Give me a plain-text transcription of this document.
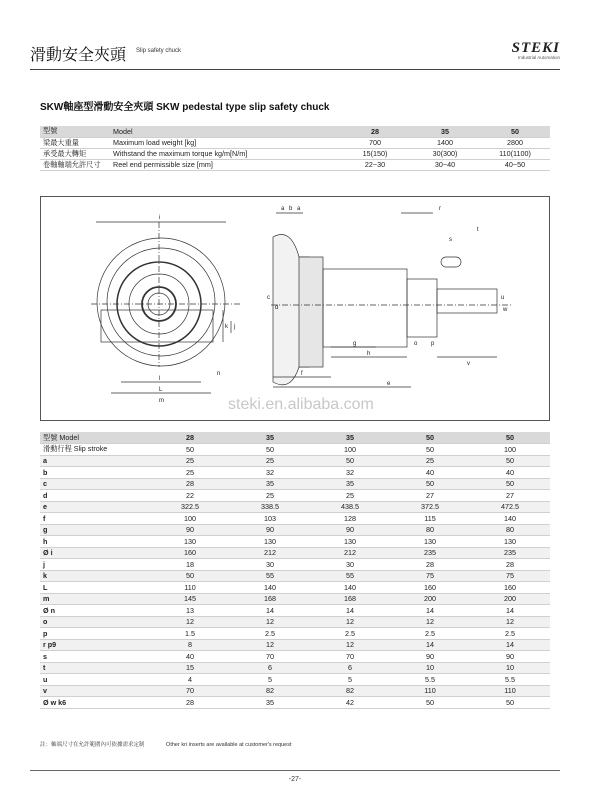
滑動安全夾頭 Slip safety chuck	STEKI
Industrial Automation
SKW軸座型滑動安全夾頭 SKW pedestal type slip safety chuck
型號	Model	28	35	50
梁最大重量	Maximum load weight [kg]	700	1400	2800
承受最大轉矩	Withstand the maximum torque kg/m[N/m]	15(150)	30(300)	110(1100)
卷軸軸端允許尺寸	Reel end permissible size [mm]	22~30	30~40	40~50
i
l
L
m
n
j
k
a b a
c
d
f
g
h
e
o p
s
t
u
v
w
r
steki.en.alibaba.com
型號 Model	28	35	35	50	50
滑動行程 Slip stroke	50	50	100	50	100
a	25	25	50	25	50
b	25	32	32	40	40
c	28	35	35	50	50
d	22	25	25	27	27
e	322.5	338.5	438.5	372.5	472.5
f	100	103	128	115	140
g	90	90	90	80	80
h	130	130	130	130	130
Ø i	160	212	212	235	235
j	18	30	30	28	28
k	50	55	55	75	75
L	110	140	140	160	160
m	145	168	168	200	200
Ø n	13	14	14	14	14
o	12	12	12	12	12
p	1.5	2.5	2.5	2.5	2.5
r p9	8	12	12	14	14
s	40	70	70	90	90
t	15	6	6	10	10
u	4	5	5	5.5	5.5
v	70	82	82	110	110
Ø w k6	28	35	42	50	50
註：軸端尺寸在允許範圍內可依據需求定制	Other kri inserts are available at customer's request
-27-
